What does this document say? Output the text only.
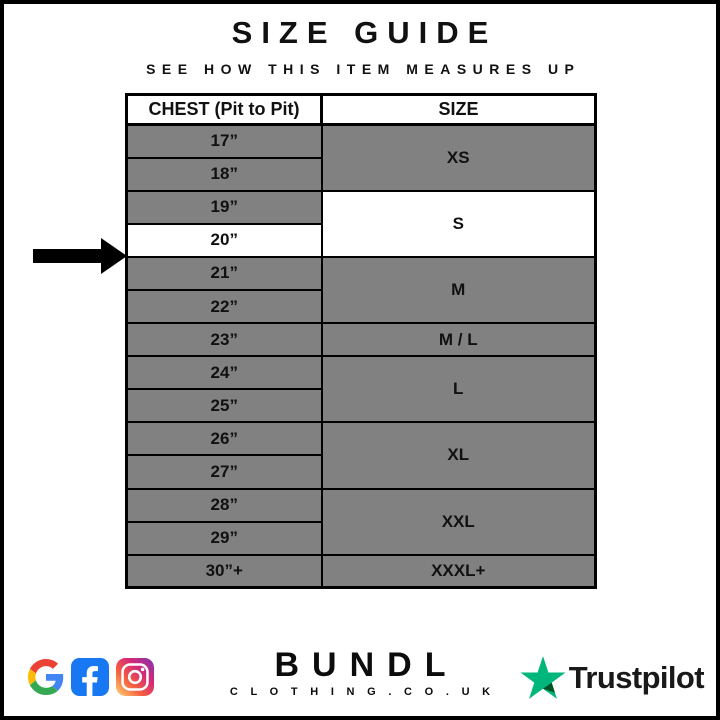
SIZE GUIDE
SEE HOW THIS ITEM MEASURES UP
CHEST (Pit to Pit)	SIZE
17”	XS
18”	
19”	S
20”	
21”	M
22”	
23”	M / L
24”	L
25”	
26”	XL
27”	
28”	XXL
29”	
30”+	XXXL+
BUNDL
C L O T H I N G . C O . U K	Trustpilot
